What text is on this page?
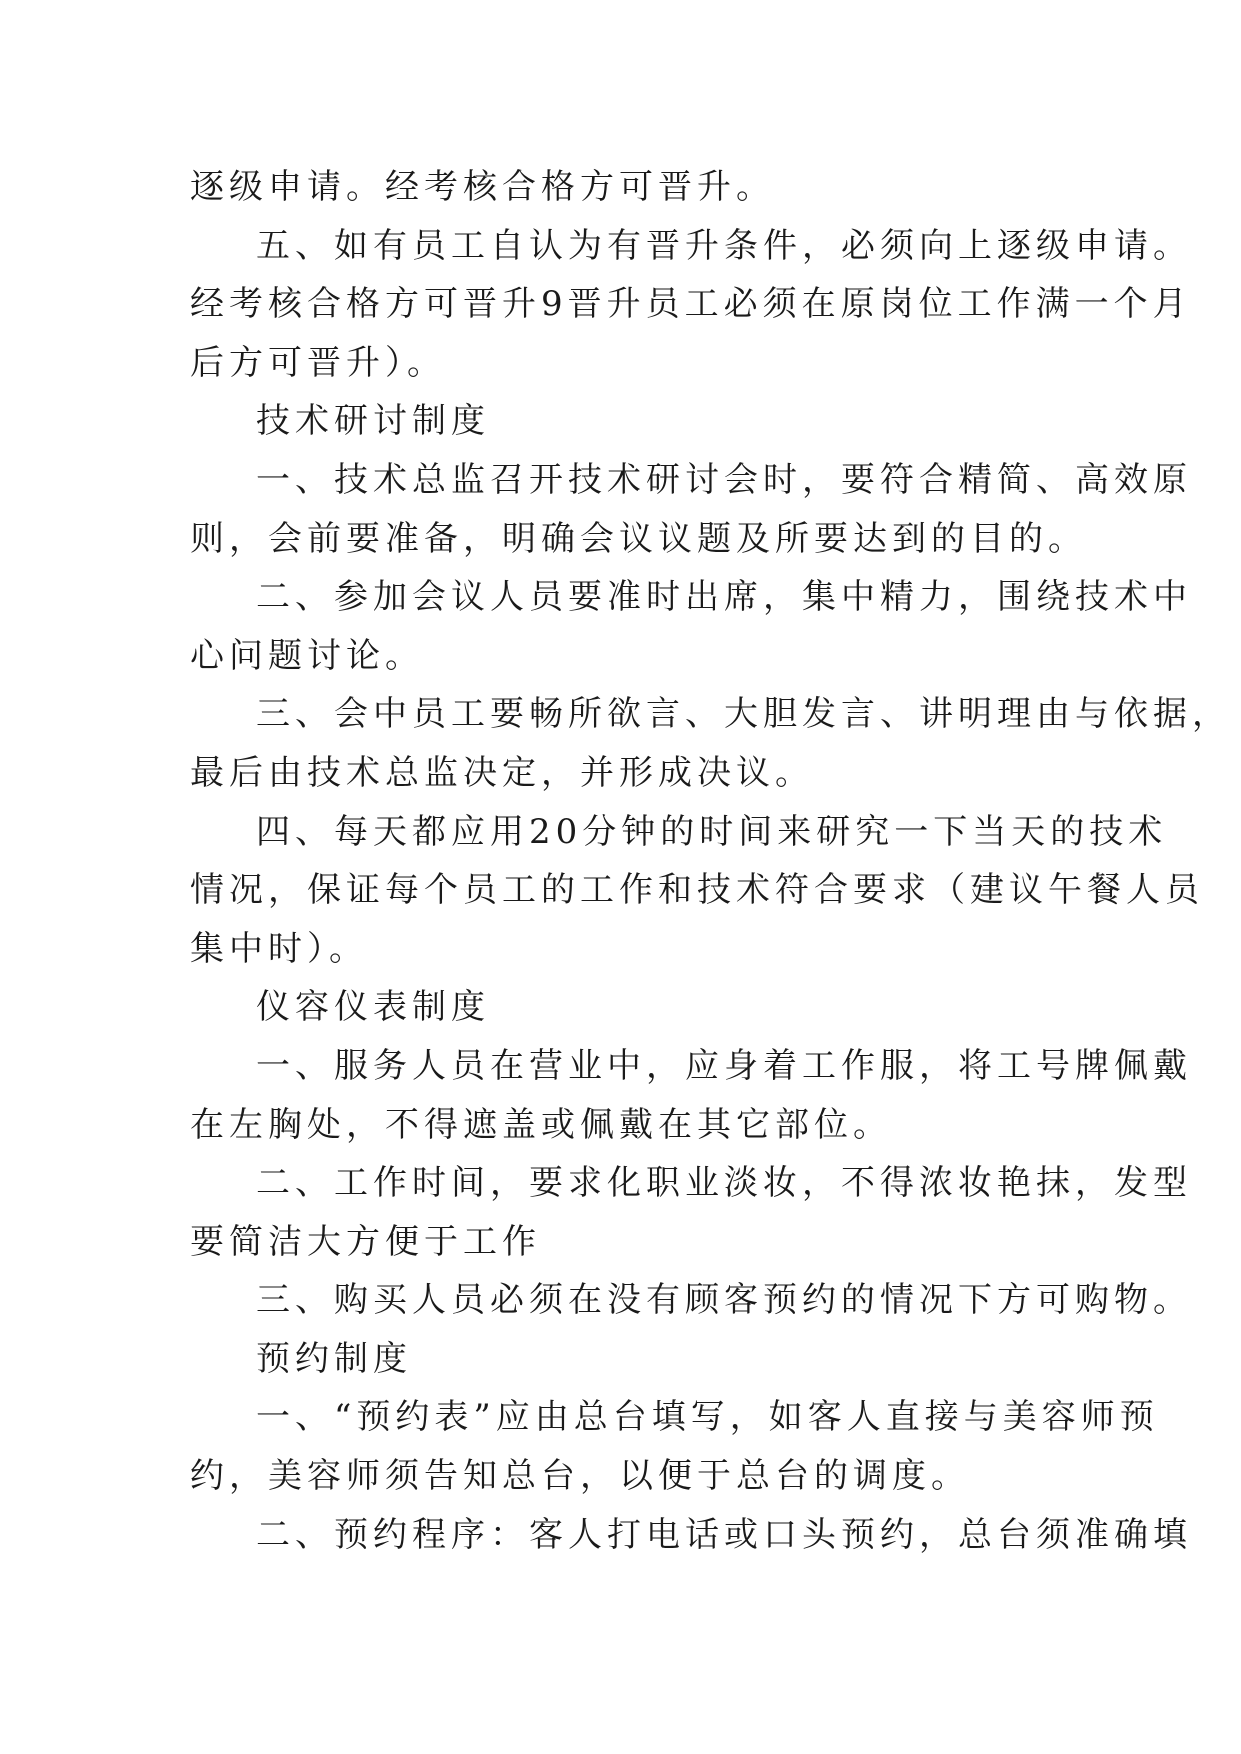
逐级申请。经考核合格方可晋升。
五、如有员工自认为有晋升条件，必须向上逐级申请。
经考核合格方可晋升9晋升员工必须在原岗位工作满一个月
后方可晋升）。
技术研讨制度
一、技术总监召开技术研讨会时，要符合精简、高效原
则，会前要准备，明确会议议题及所要达到的目的。
二、参加会议人员要准时出席，集中精力，围绕技术中
心问题讨论。
三、会中员工要畅所欲言、大胆发言、讲明理由与依据，
最后由技术总监决定，并形成决议。
四、每天都应用20分钟的时间来研究一下当天的技术
情况，保证每个员工的工作和技术符合要求（建议午餐人员
集中时）。
仪容仪表制度
一、服务人员在营业中，应身着工作服，将工号牌佩戴
在左胸处，不得遮盖或佩戴在其它部位。
二、工作时间，要求化职业淡妆，不得浓妆艳抹，发型
要简洁大方便于工作
三、购买人员必须在没有顾客预约的情况下方可购物。
预约制度
一、“预约表”应由总台填写，如客人直接与美容师预
约，美容师须告知总台，以便于总台的调度。
二、预约程序：客人打电话或口头预约，总台须准确填
